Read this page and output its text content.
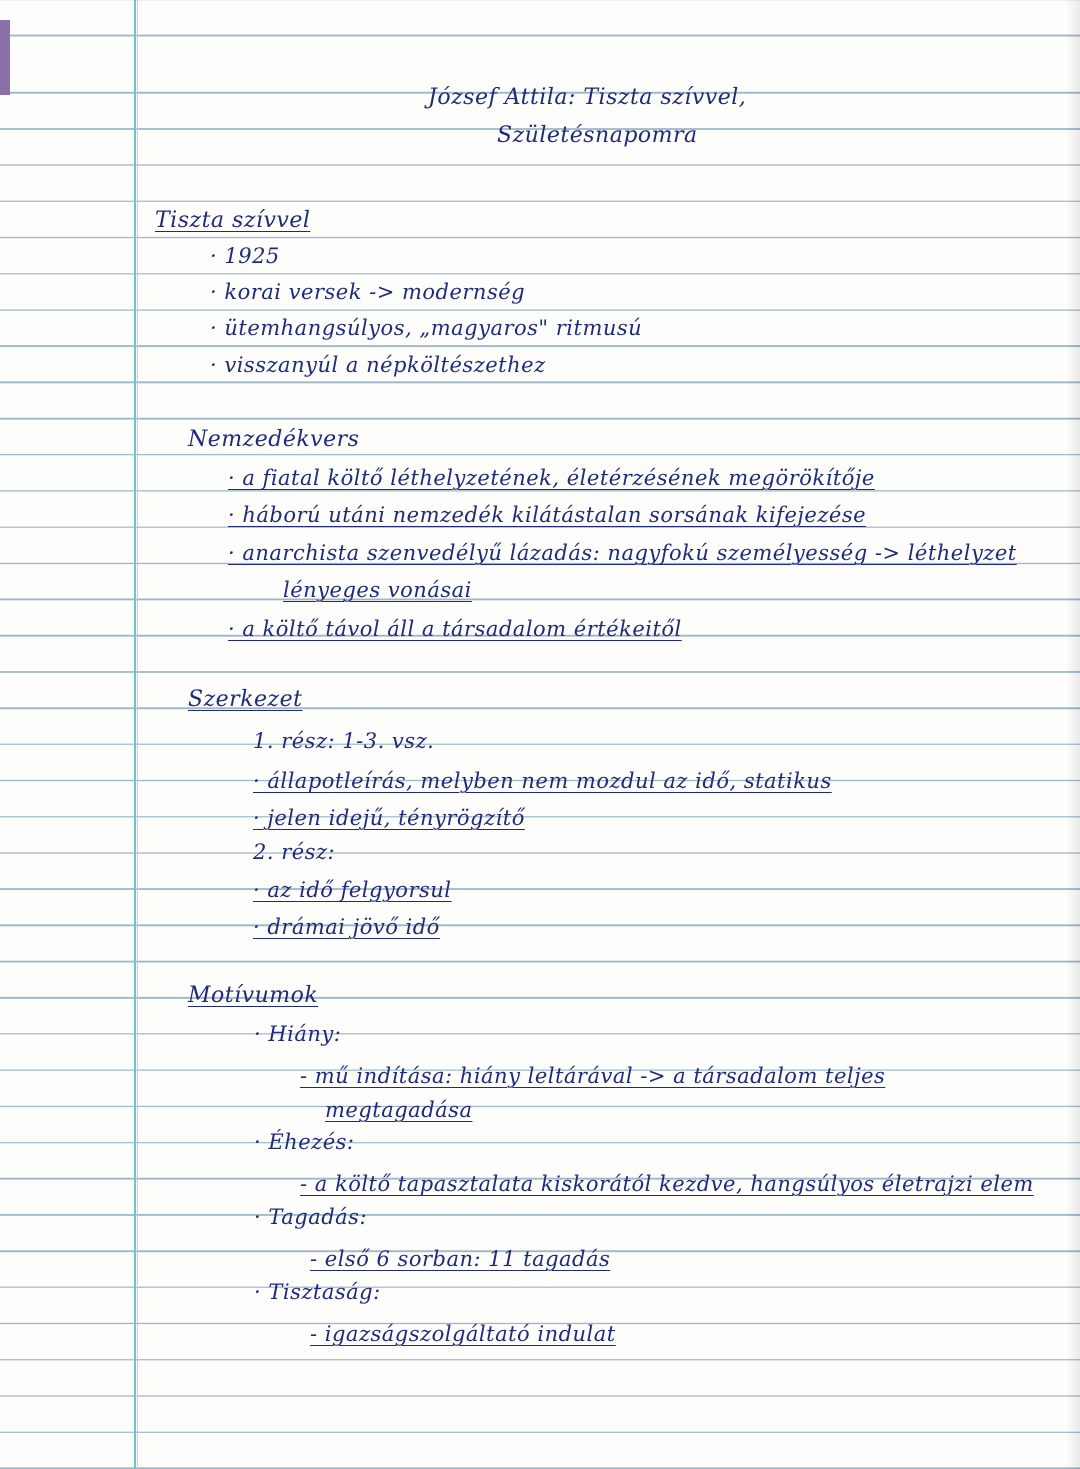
József Attila: Tiszta szívvel,
Születésnapomra
Tiszta szívvel
· 1925
· korai versek -> modernség
· ütemhangsúlyos, „magyaros" ritmusú
· visszanyúl a népköltészethez
Nemzedékvers
· a fiatal költő léthelyzetének, életérzésének megörökítője
· háború utáni nemzedék kilátástalan sorsának kifejezése
· anarchista szenvedélyű lázadás: nagyfokú személyesség -> léthelyzet
lényeges vonásai
· a költő távol áll a társadalom értékeitől
Szerkezet
1. rész: 1-3. vsz.
· állapotleírás, melyben nem mozdul az idő, statikus
· jelen idejű, tényrögzítő
2. rész:
· az idő felgyorsul
· drámai jövő idő
Motívumok
· Hiány:
- mű indítása: hiány leltárával -> a társadalom teljes
megtagadása
· Éhezés:
- a költő tapasztalata kiskorától kezdve, hangsúlyos életrajzi elem
· Tagadás:
- első 6 sorban: 11 tagadás
· Tisztaság:
- igazságszolgáltató indulat
